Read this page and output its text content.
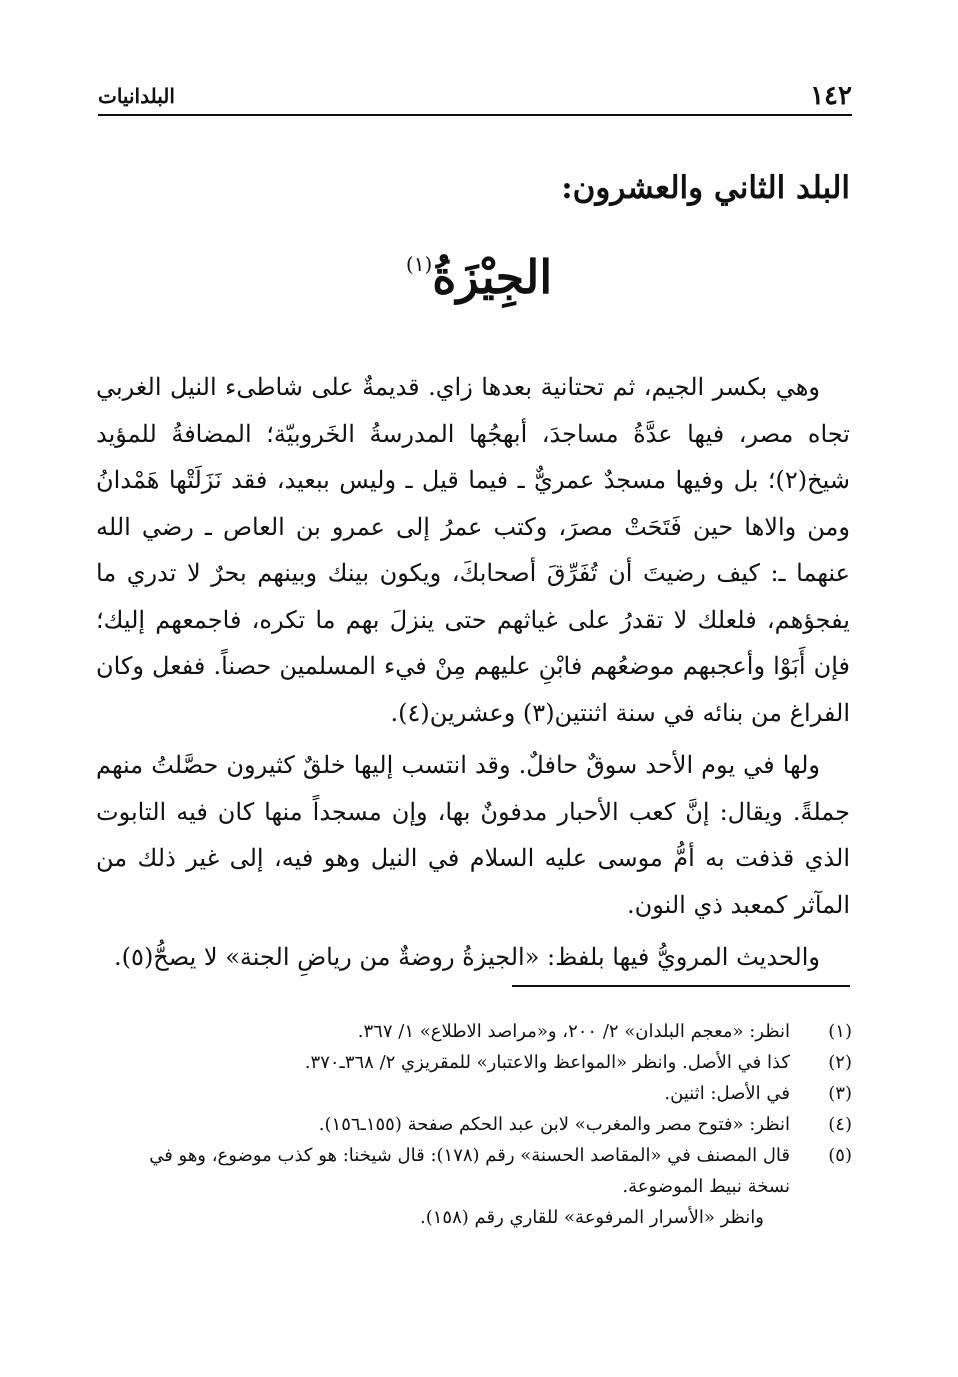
١٤٢
البلدانيات
البلد الثاني والعشرون:
الجِيْزَةُ$^{(١)}$

وهي بكسر الجيم، ثم تحتانية بعدها زاي. قديمةٌ على شاطىء النيل الغربي تجاه مصر، فيها عدَّةُ مساجدَ، أبهجُها المدرسةُ الخَروبيّة؛ المضافةُ للمؤيد شيخ(٢)؛ بل وفيها مسجدٌ عمريٌّ ـ فيما قيل ـ وليس ببعيد، فقد نَزَلَتْها هَمْدانُ ومن والاها حين فَتَحَتْ مصرَ، وكتب عمرُ إلى عمرو بن العاص ـ رضي الله عنهما ـ: كيف رضيتَ أن تُفَرِّقَ أصحابكَ، ويكون بينك وبينهم بحرٌ لا تدري ما يفجؤهم، فلعلك لا تقدرُ على غياثهم حتى ينزلَ بهم ما تكره، فاجمعهم إليك؛ فإن أَبَوْا وأعجبهم موضعُهم فابْنِ عليهم مِنْ فيء المسلمين حصناً. ففعل وكان الفراغ من بنائه في سنة اثنتين(٣) وعشرين(٤).

ولها في يوم الأحد سوقٌ حافلٌ. وقد انتسب إليها خلقٌ كثيرون حصَّلتُ منهم جملةً. ويقال: إنَّ كعب الأحبار مدفونٌ بها، وإن مسجداً منها كان فيه التابوت الذي قذفت به أمُّ موسى عليه السلام في النيل وهو فيه، إلى غير ذلك من المآثر كمعبد ذي النون.

والحديث المرويُّ فيها بلفظ: «الجيزةُ روضةٌ من رياضِ الجنة» لا يصحُّ(٥).

(١)
انظر: «معجم البلدان» ٢/ ٢٠٠، و«مراصد الاطلاع» ١/ ٣٦٧.
(٢)
كذا في الأصل. وانظر «المواعظ والاعتبار» للمقريزي ٢/ ٣٦٨ـ٣٧٠.
(٣)
في الأصل: اثنين.
(٤)
انظر: «فتوح مصر والمغرب» لابن عبد الحكم صفحة (١٥٥ـ١٥٦).
(٥)
قال المصنف في «المقاصد الحسنة» رقم (١٧٨): قال شيخنا: هو كذب موضوع، وهو في
نسخة نبيط الموضوعة.
وانظر «الأسرار المرفوعة» للقاري رقم (١٥٨).
